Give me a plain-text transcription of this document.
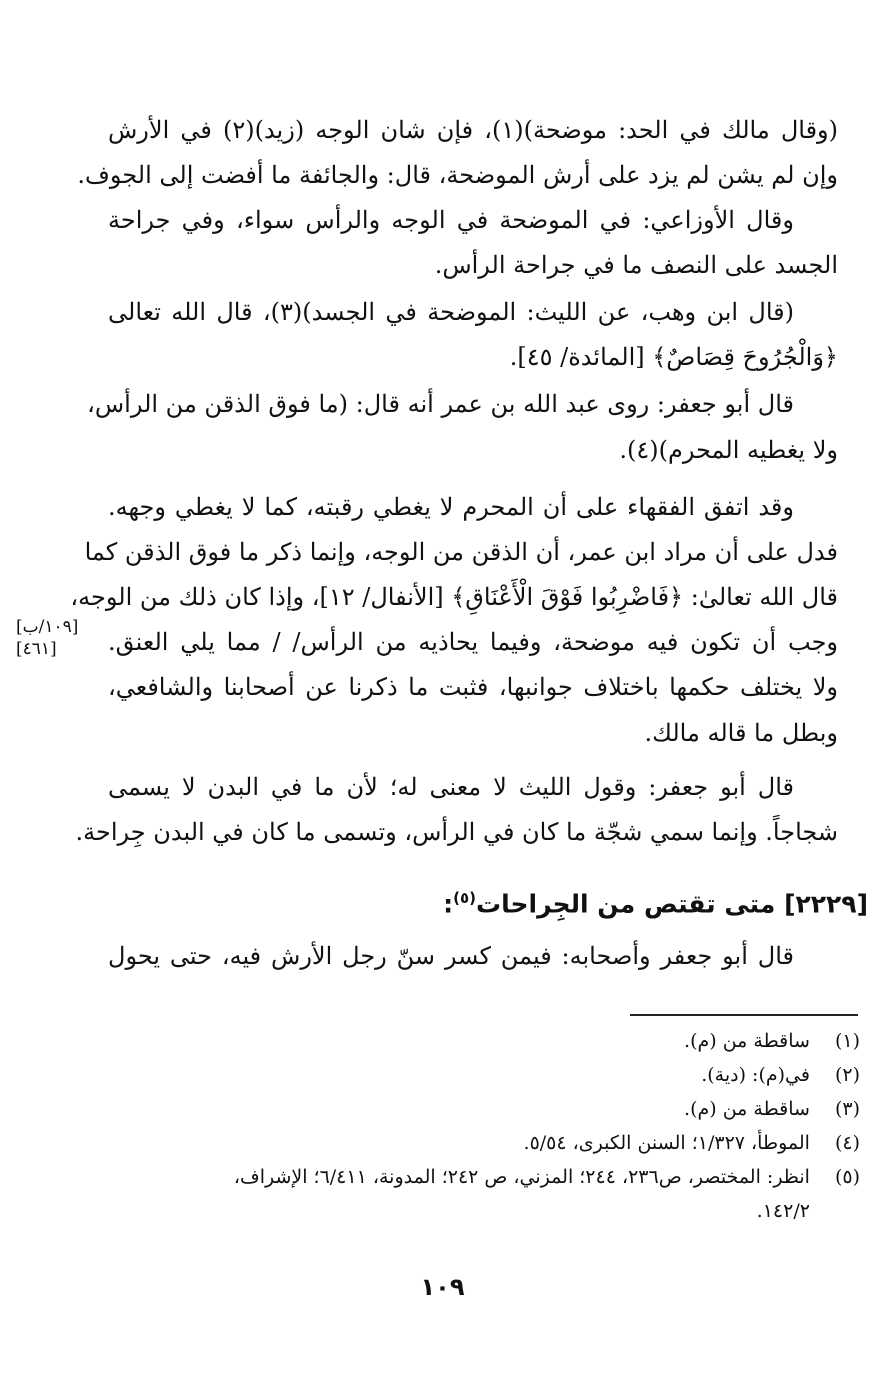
(وقال مالك في الحد: موضحة)(١)، فإن شان الوجه (زيد)(٢) في الأرش
وإن لم يشن لم يزد على أرش الموضحة، قال: والجائفة ما أفضت إلى الجوف.
وقال الأوزاعي: في الموضحة في الوجه والرأس سواء، وفي جراحة
الجسد على النصف ما في جراحة الرأس.
(قال ابن وهب، عن الليث: الموضحة في الجسد)(٣)، قال الله تعالى
﴿وَالْجُرُوحَ قِصَاصٌ﴾ [المائدة/ ٤٥].
قال أبو جعفر: روى عبد الله بن عمر أنه قال: (ما فوق الذقن من الرأس،
ولا يغطيه المحرم)(٤).
وقد اتفق الفقهاء على أن المحرم لا يغطي رقبته، كما لا يغطي وجهه.
فدل على أن مراد ابن عمر، أن الذقن من الوجه، وإنما ذكر ما فوق الذقن كما
قال الله تعالىٰ: ﴿فَاضْرِبُوا فَوْقَ الْأَعْنَاقِ﴾ [الأنفال/ ١٢]، وإذا كان ذلك من الوجه،
وجب أن تكون فيه موضحة، وفيما يحاذيه من الرأس/ / مما يلي العنق.
ولا يختلف حكمها باختلاف جوانبها، فثبت ما ذكرنا عن أصحابنا والشافعي،
وبطل ما قاله مالك.
[١٠٩/ب]
[٤٦١]
قال أبو جعفر: وقول الليث لا معنى له؛ لأن ما في البدن لا يسمى
شجاجاً. وإنما سمي شجّة ما كان في الرأس، وتسمى ما كان في البدن جِراحة.
[٢٢٢٩] متى تقتص من الجِراحات$^{(٥)}$:
قال أبو جعفر وأصحابه: فيمن كسر سنّ رجل الأرش فيه، حتى يحول
(١) ساقطة من (م).
(٢) في(م): (دية).
(٣) ساقطة من (م).
(٤) الموطأ، ١/٣٢٧؛ السنن الكبرى، ٥/٥٤.
(٥) انظر: المختصر، ص٢٣٦، ٢٤٤؛ المزني، ص ٢٤٢؛ المدونة، ٦/٤١١؛ الإشراف،
١٤٢/٢.
١٠٩
